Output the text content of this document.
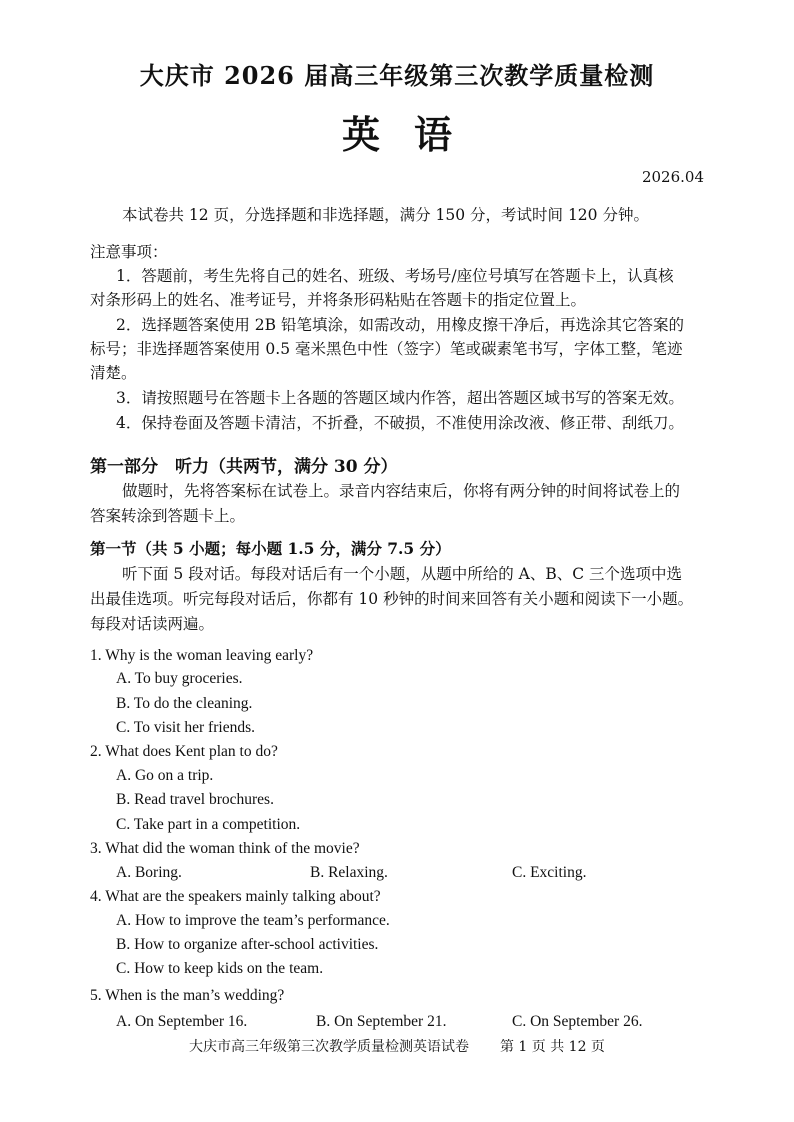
大庆市 2026 届高三年级第三次教学质量检测
英语
2026.04
本试卷共 12 页，分选择题和非选择题，满分 150 分，考试时间 120 分钟。
注意事项：
1．答题前，考生先将自己的姓名、班级、考场号/座位号填写在答题卡上，认真核
对条形码上的姓名、准考证号，并将条形码粘贴在答题卡的指定位置上。
2．选择题答案使用 2B 铅笔填涂，如需改动，用橡皮擦干净后，再选涂其它答案的
标号；非选择题答案使用 0.5 毫米黑色中性（签字）笔或碳素笔书写，字体工整，笔迹
清楚。
3．请按照题号在答题卡上各题的答题区域内作答，超出答题区域书写的答案无效。
4．保持卷面及答题卡清洁，不折叠，不破损，不准使用涂改液、修正带、刮纸刀。
第一部分　听力（共两节，满分 30 分）
做题时，先将答案标在试卷上。录音内容结束后，你将有两分钟的时间将试卷上的
答案转涂到答题卡上。
第一节（共 5 小题；每小题 1.5 分，满分 7.5 分）
听下面 5 段对话。每段对话后有一个小题，从题中所给的 A、B、C 三个选项中选
出最佳选项。听完每段对话后，你都有 10 秒钟的时间来回答有关小题和阅读下一小题。
每段对话读两遍。
1. Why is the woman leaving early?
A. To buy groceries.
B. To do the cleaning.
C. To visit her friends.
2. What does Kent plan to do?
A. Go on a trip.
B. Read travel brochures.
C. Take part in a competition.
3. What did the woman think of the movie?
A. Boring.	B. Relaxing.	C. Exciting.
4. What are the speakers mainly talking about?
A. How to improve the team’s performance.
B. How to organize after-school activities.
C. How to keep kids on the team.
5. When is the man’s wedding?
A. On September 16.	B. On September 21.	C. On September 26.
大庆市高三年级第三次教学质量检测英语试卷 第 1 页 共 12 页
